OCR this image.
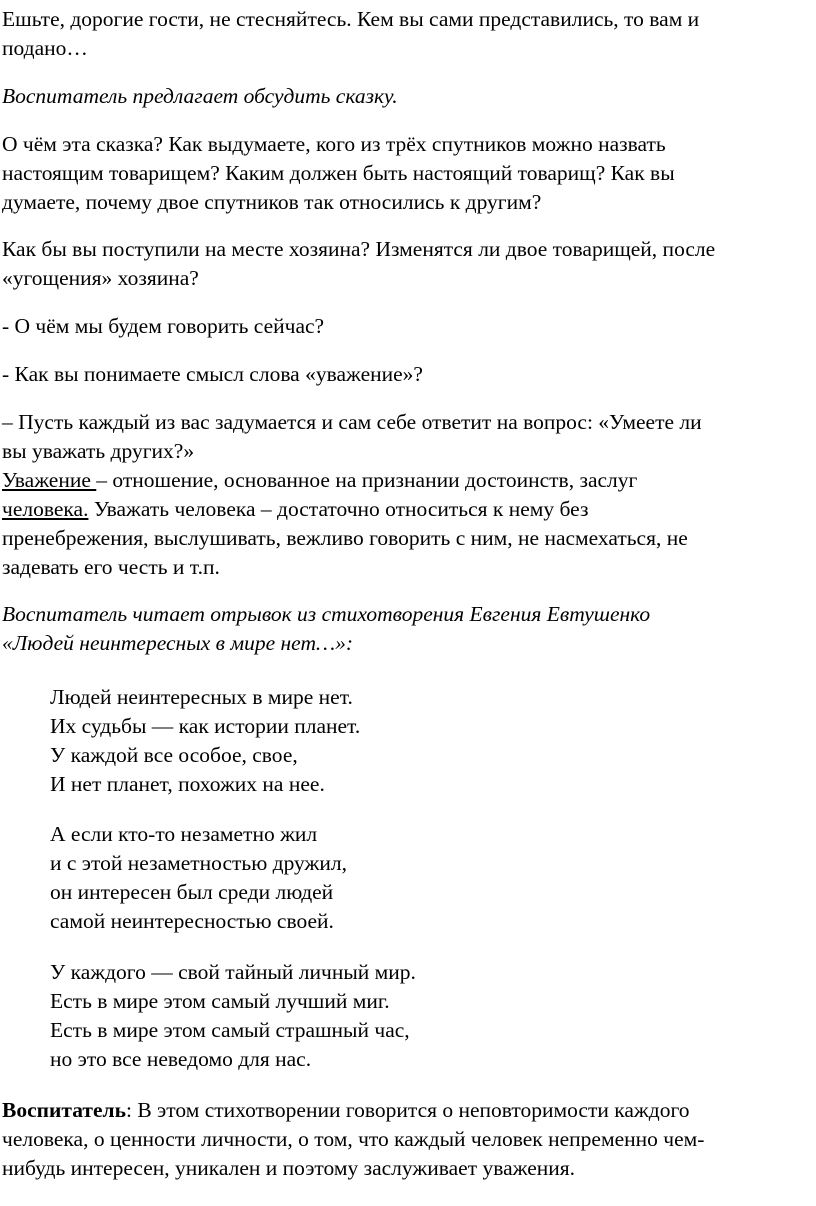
Ешьте, дорогие гости, не стесняйтесь. Кем вы сами представились, то вам и
подано…
Воспитатель предлагает обсудить сказку.
О чём эта сказка? Как выдумаете, кого из трёх спутников можно назвать
настоящим товарищем? Каким должен быть настоящий товарищ? Как вы
думаете, почему двое спутников так относились к другим?
Как бы вы поступили на месте хозяина? Изменятся ли двое товарищей, после
«угощения» хозяина?
- О чём мы будем говорить сейчас?
- Как вы понимаете смысл слова «уважение»?
– Пусть каждый из вас задумается и сам себе ответит на вопрос: «Умеете ли
вы уважать других?»
Уважение – отношение, основанное на признании достоинств, заслуг
человека. Уважать человека – достаточно относиться к нему без
пренебрежения, выслушивать, вежливо говорить с ним, не насмехаться, не
задевать его честь и т.п.
Воспитатель читает отрывок из стихотворения Евгения Евтушенко
«Людей неинтересных в мире нет…»:
Людей неинтересных в мире нет.
Их судьбы — как истории планет.
У каждой все особое, свое,
И нет планет, похожих на нее.
А если кто-то незаметно жил
и с этой незаметностью дружил,
он интересен был среди людей
самой неинтересностью своей.
У каждого — свой тайный личный мир.
Есть в мире этом самый лучший миг.
Есть в мире этом самый страшный час,
но это все неведомо для нас.
Воспитатель: В этом стихотворении говорится о неповторимости каждого
человека, о ценности личности, о том, что каждый человек непременно чем-
нибудь интересен, уникален и поэтому заслуживает уважения.
